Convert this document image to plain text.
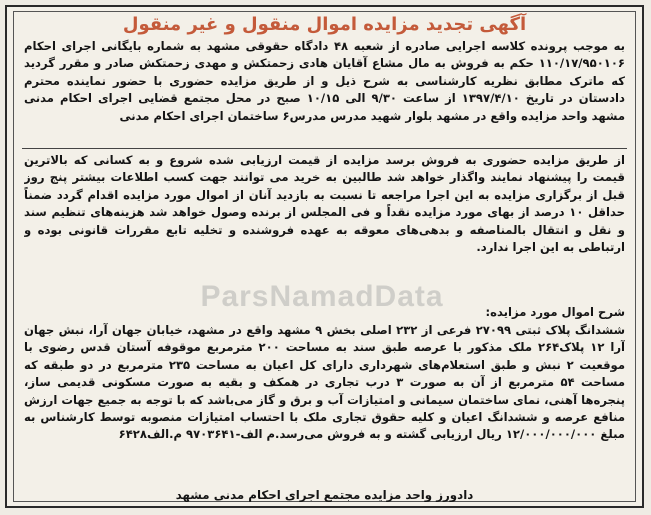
آگهی تجدید مزایده اموال منقول و غیر منقول
به موجب پرونده کلاسه اجرایی صادره از شعبه ۴۸ دادگاه حقوقی مشهد به شماره بایگانی اجرای احکام ۱۱۰/۱۷/۹۵۰۱۰۶ حکم به فروش به مال مشاع آقایان هادی زحمتکش و مهدی زحمتکش صادر و مقرر گردید که ماترک مطابق نظریه کارشناسی به شرح ذیل و از طریق مزایده حضوری با حضور نماینده محترم دادستان در تاریخ ۱۳۹۷/۴/۱۰ از ساعت ۹/۳۰ الی ۱۰/۱۵ صبح در محل مجتمع قضایی اجرای احکام مدنی مشهد واحد مزایده واقع در مشهد بلوار شهید مدرس مدرس۶ ساختمان اجرای احکام مدنی
از طریق مزایده حضوری به فروش برسد مزایده از قیمت ارزیابی شده شروع و به کسانی که بالاترین قیمت را پیشنهاد نمایند واگذار خواهد شد طالبین به خرید می توانند جهت کسب اطلاعات بیشتر پنج روز قبل از برگزاری مزایده به این اجرا مراجعه تا نسبت به بازدید آنان از اموال مورد مزایده اقدام گردد ضمناً حداقل ۱۰ درصد از بهای مورد مزایده نقداً و فی المجلس از برنده وصول خواهد شد هزینه‌های تنظیم سند و نقل و انتقال بالمناصفه و بدهی‌های معوقه به عهده فروشنده و تخلیه تابع مقررات قانونی بوده و ارتباطی به این اجرا ندارد.
شرح اموال مورد مزایده:
ششدانگ پلاک ثبتی ۲۷۰۹۹ فرعی از ۲۳۲ اصلی بخش ۹ مشهد واقع در مشهد، خیابان جهان آرا، نبش جهان آرا ۱۲ پلاک۲۶۴ ملک مذکور با عرصه طبق سند به مساحت ۲۰۰ مترمربع موقوفه آستان قدس رضوی با موقعیت ۲ نبش و طبق استعلام‌های شهرداری دارای کل اعیان به مساحت ۲۳۵ مترمربع در دو طبقه که مساحت ۵۴ مترمربع از آن به صورت ۳ درب تجاری در همکف و بقیه به صورت مسکونی قدیمی ساز، پنجره‌ها آهنی، نمای ساختمان سیمانی و امتیازات آب و برق و گاز می‌باشد که با توجه به جمیع جهات ارزش منافع عرصه و ششدانگ اعیان و کلیه حقوق تجاری ملک با احتساب امتیازات منصوبه توسط کارشناس به مبلغ ۱۲/۰۰۰/۰۰۰/۰۰۰ ریال ارزیابی گشته و به فروش می‌رسد.م الف-۹۷۰۳۶۴۱ م.الف۶۴۲۸
دادورز واحد مزایده مجتمع اجرای احکام مدنی مشهد
ParsNamadData
